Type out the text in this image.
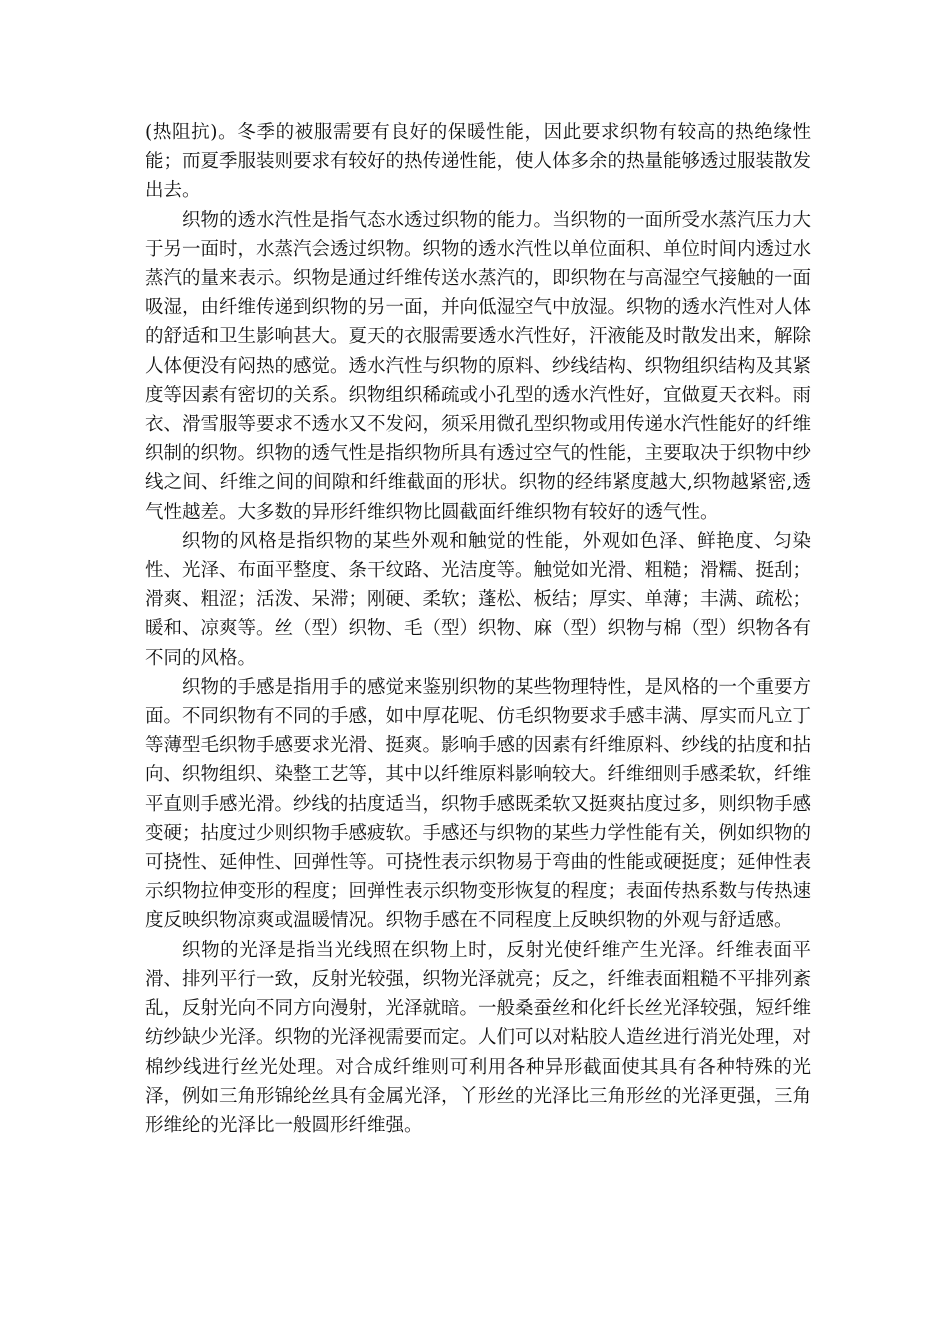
(热阻抗)。冬季的被服需要有良好的保暖性能，因此要求织物有较高的热绝缘性能；而夏季服装则要求有较好的热传递性能，使人体多余的热量能够透过服装散发出去。

织物的透水汽性是指气态水透过织物的能力。当织物的一面所受水蒸汽压力大于另一面时，水蒸汽会透过织物。织物的透水汽性以单位面积、单位时间内透过水蒸汽的量来表示。织物是通过纤维传送水蒸汽的，即织物在与高湿空气接触的一面吸湿，由纤维传递到织物的另一面，并向低湿空气中放湿。织物的透水汽性对人体的舒适和卫生影响甚大。夏天的衣服需要透水汽性好，汗液能及时散发出来，解除人体便没有闷热的感觉。透水汽性与织物的原料、纱线结构、织物组织结构及其紧度等因素有密切的关系。织物组织稀疏或小孔型的透水汽性好，宜做夏天衣料。雨衣、滑雪服等要求不透水又不发闷，须采用微孔型织物或用传递水汽性能好的纤维织制的织物。织物的透气性是指织物所具有透过空气的性能，主要取决于织物中纱线之间、纤维之间的间隙和纤维截面的形状。织物的经纬紧度越大,织物越紧密,透气性越差。大多数的异形纤维织物比圆截面纤维织物有较好的透气性。

织物的风格是指织物的某些外观和触觉的性能，外观如色泽、鲜艳度、匀染性、光泽、布面平整度、条干纹路、光洁度等。触觉如光滑、粗糙；滑糯、挺刮；滑爽、粗涩；活泼、呆滞；刚硬、柔软；蓬松、板结；厚实、单薄；丰满、疏松；暖和、凉爽等。丝（型）织物、毛（型）织物、麻（型）织物与棉（型）织物各有不同的风格。

织物的手感是指用手的感觉来鉴别织物的某些物理特性，是风格的一个重要方面。不同织物有不同的手感，如中厚花呢、仿毛织物要求手感丰满、厚实而凡立丁等薄型毛织物手感要求光滑、挺爽。影响手感的因素有纤维原料、纱线的拈度和拈向、织物组织、染整工艺等，其中以纤维原料影响较大。纤维细则手感柔软，纤维平直则手感光滑。纱线的拈度适当，织物手感既柔软又挺爽拈度过多，则织物手感变硬；拈度过少则织物手感疲软。手感还与织物的某些力学性能有关，例如织物的可挠性、延伸性、回弹性等。可挠性表示织物易于弯曲的性能或硬挺度；延伸性表示织物拉伸变形的程度；回弹性表示织物变形恢复的程度；表面传热系数与传热速度反映织物凉爽或温暖情况。织物手感在不同程度上反映织物的外观与舒适感。

织物的光泽是指当光线照在织物上时，反射光使纤维产生光泽。纤维表面平滑、排列平行一致，反射光较强，织物光泽就亮；反之，纤维表面粗糙不平排列紊乱，反射光向不同方向漫射，光泽就暗。一般桑蚕丝和化纤长丝光泽较强，短纤维纺纱缺少光泽。织物的光泽视需要而定。人们可以对粘胶人造丝进行消光处理，对棉纱线进行丝光处理。对合成纤维则可利用各种异形截面使其具有各种特殊的光泽，例如三角形锦纶丝具有金属光泽，丫形丝的光泽比三角形丝的光泽更强，三角形维纶的光泽比一般圆形纤维强。
